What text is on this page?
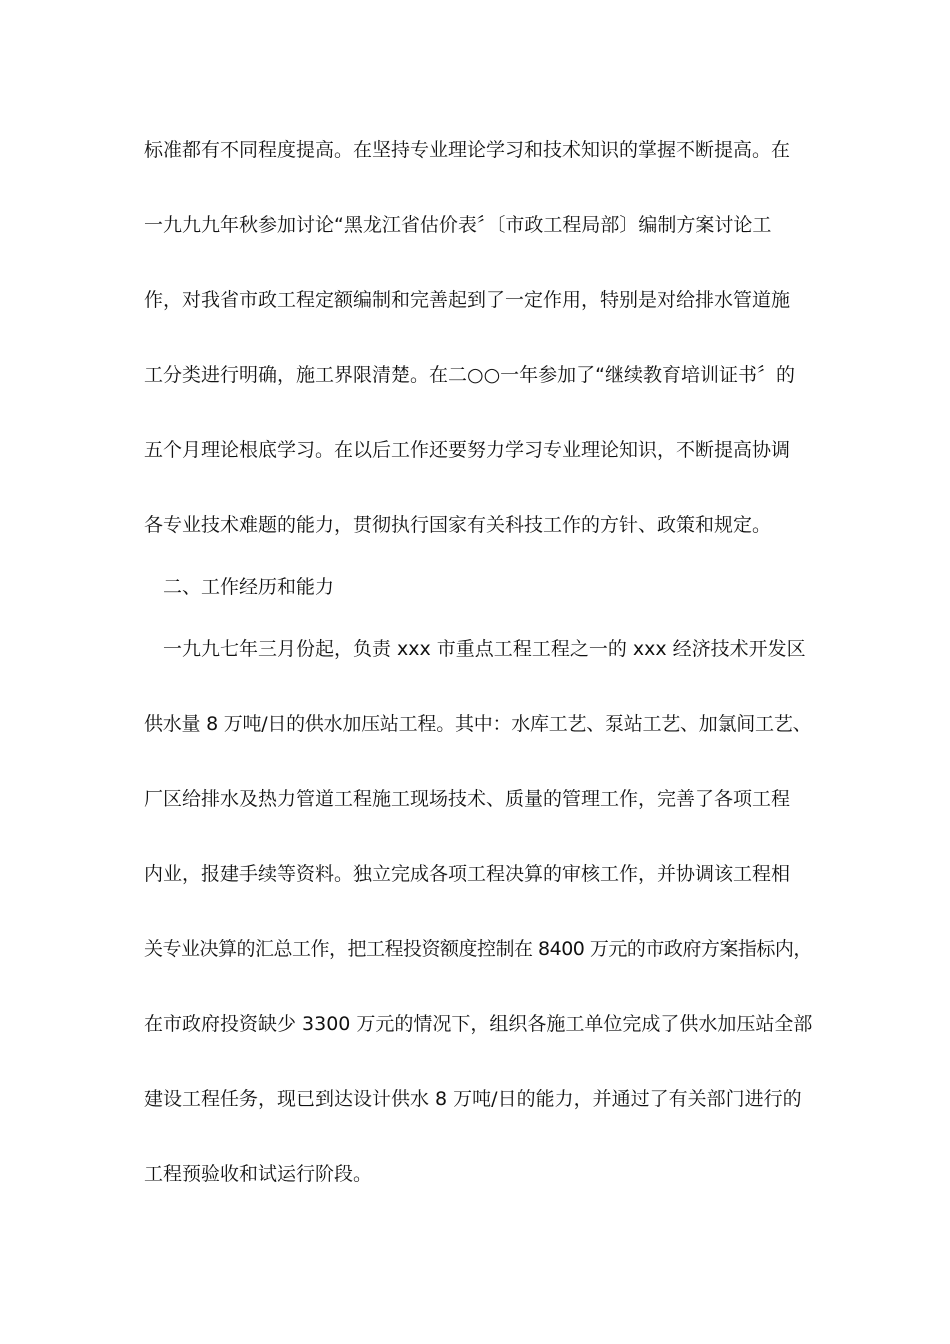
标准都有不同程度提高。在坚持专业理论学习和技术知识的掌握不断提高。在
一九九九年秋参加讨论“黑龙江省估价表〞〔市政工程局部〕编制方案讨论工
作，对我省市政工程定额编制和完善起到了一定作用，特别是对给排水管道施
工分类进行明确，施工界限清楚。在二○○一年参加了“继续教育培训证书〞的
五个月理论根底学习。在以后工作还要努力学习专业理论知识，不断提高协调
各专业技术难题的能力，贯彻执行国家有关科技工作的方针、政策和规定。
二、工作经历和能力
一九九七年三月份起，负责 xxx 市重点工程工程之一的 xxx 经济技术开发区
供水量 8 万吨/日的供水加压站工程。其中：水库工艺、泵站工艺、加氯间工艺、
厂区给排水及热力管道工程施工现场技术、质量的管理工作，完善了各项工程
内业，报建手续等资料。独立完成各项工程决算的审核工作，并协调该工程相
关专业决算的汇总工作，把工程投资额度控制在 8400 万元的市政府方案指标内，
在市政府投资缺少 3300 万元的情况下，组织各施工单位完成了供水加压站全部
建设工程任务，现已到达设计供水 8 万吨/日的能力，并通过了有关部门进行的
工程预验收和试运行阶段。
